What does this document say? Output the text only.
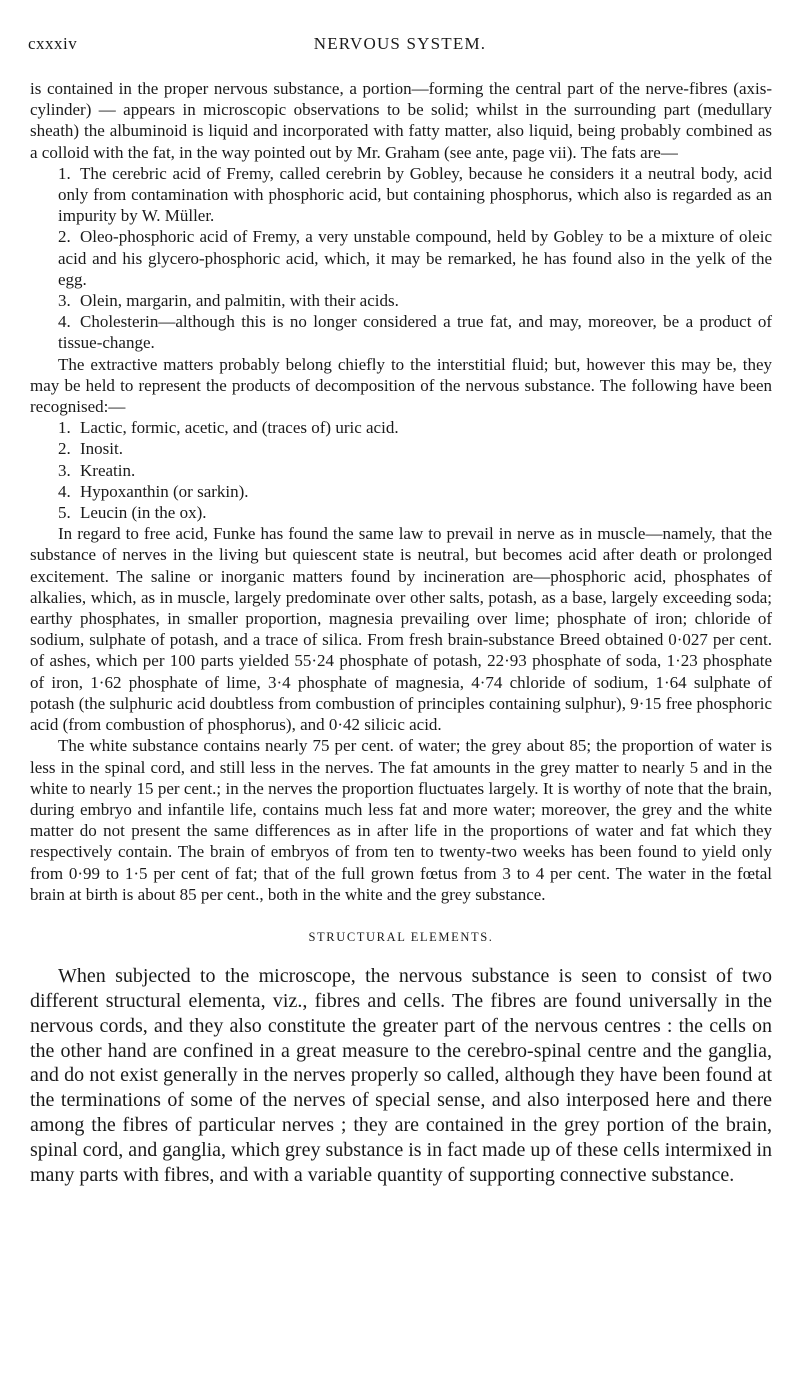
cxxxiv	NERVOUS SYSTEM.

is contained in the proper nervous substance, a portion—forming the central part of the nerve-fibres (axis-cylinder) — appears in microscopic observations to be solid; whilst in the surrounding part (medullary sheath) the albuminoid is liquid and incorporated with fatty matter, also liquid, being probably combined as a colloid with the fat, in the way pointed out by Mr. Graham (see ante, page vii). The fats are—

1. The cerebric acid of Fremy, called cerebrin by Gobley, because he considers it a neutral body, acid only from contamination with phosphoric acid, but containing phosphorus, which also is regarded as an impurity by W. Müller.

2. Oleo-phosphoric acid of Fremy, a very unstable compound, held by Gobley to be a mixture of oleic acid and his glycero-phosphoric acid, which, it may be remarked, he has found also in the yelk of the egg.

3. Olein, margarin, and palmitin, with their acids.

4. Cholesterin—although this is no longer considered a true fat, and may, moreover, be a product of tissue-change.

The extractive matters probably belong chiefly to the interstitial fluid; but, however this may be, they may be held to represent the products of decomposition of the nervous substance. The following have been recognised:—

1. Lactic, formic, acetic, and (traces of) uric acid.

2. Inosit.

3. Kreatin.

4. Hypoxanthin (or sarkin).

5. Leucin (in the ox).

In regard to free acid, Funke has found the same law to prevail in nerve as in muscle—namely, that the substance of nerves in the living but quiescent state is neutral, but becomes acid after death or prolonged excitement. The saline or inorganic matters found by incineration are—phosphoric acid, phosphates of alkalies, which, as in muscle, largely predominate over other salts, potash, as a base, largely exceeding soda; earthy phosphates, in smaller proportion, magnesia prevailing over lime; phosphate of iron; chloride of sodium, sulphate of potash, and a trace of silica. From fresh brain-substance Breed obtained 0·027 per cent. of ashes, which per 100 parts yielded 55·24 phosphate of potash, 22·93 phosphate of soda, 1·23 phosphate of iron, 1·62 phosphate of lime, 3·4 phosphate of magnesia, 4·74 chloride of sodium, 1·64 sulphate of potash (the sulphuric acid doubtless from combustion of principles containing sulphur), 9·15 free phosphoric acid (from combustion of phosphorus), and 0·42 silicic acid.

The white substance contains nearly 75 per cent. of water; the grey about 85; the proportion of water is less in the spinal cord, and still less in the nerves. The fat amounts in the grey matter to nearly 5 and in the white to nearly 15 per cent.; in the nerves the proportion fluctuates largely. It is worthy of note that the brain, during embryo and infantile life, contains much less fat and more water; moreover, the grey and the white matter do not present the same differences as in after life in the proportions of water and fat which they respectively contain. The brain of embryos of from ten to twenty-two weeks has been found to yield only from 0·99 to 1·5 per cent of fat; that of the full grown fœtus from 3 to 4 per cent. The water in the fœtal brain at birth is about 85 per cent., both in the white and the grey substance.

STRUCTURAL ELEMENTS.

When subjected to the microscope, the nervous substance is seen to consist of two different structural elementa, viz., fibres and cells. The fibres are found universally in the nervous cords, and they also constitute the greater part of the nervous centres : the cells on the other hand are confined in a great measure to the cerebro-spinal centre and the ganglia, and do not exist generally in the nerves properly so called, although they have been found at the terminations of some of the nerves of special sense, and also interposed here and there among the fibres of particular nerves ; they are contained in the grey portion of the brain, spinal cord, and ganglia, which grey substance is in fact made up of these cells intermixed in many parts with fibres, and with a variable quantity of supporting connective substance.
